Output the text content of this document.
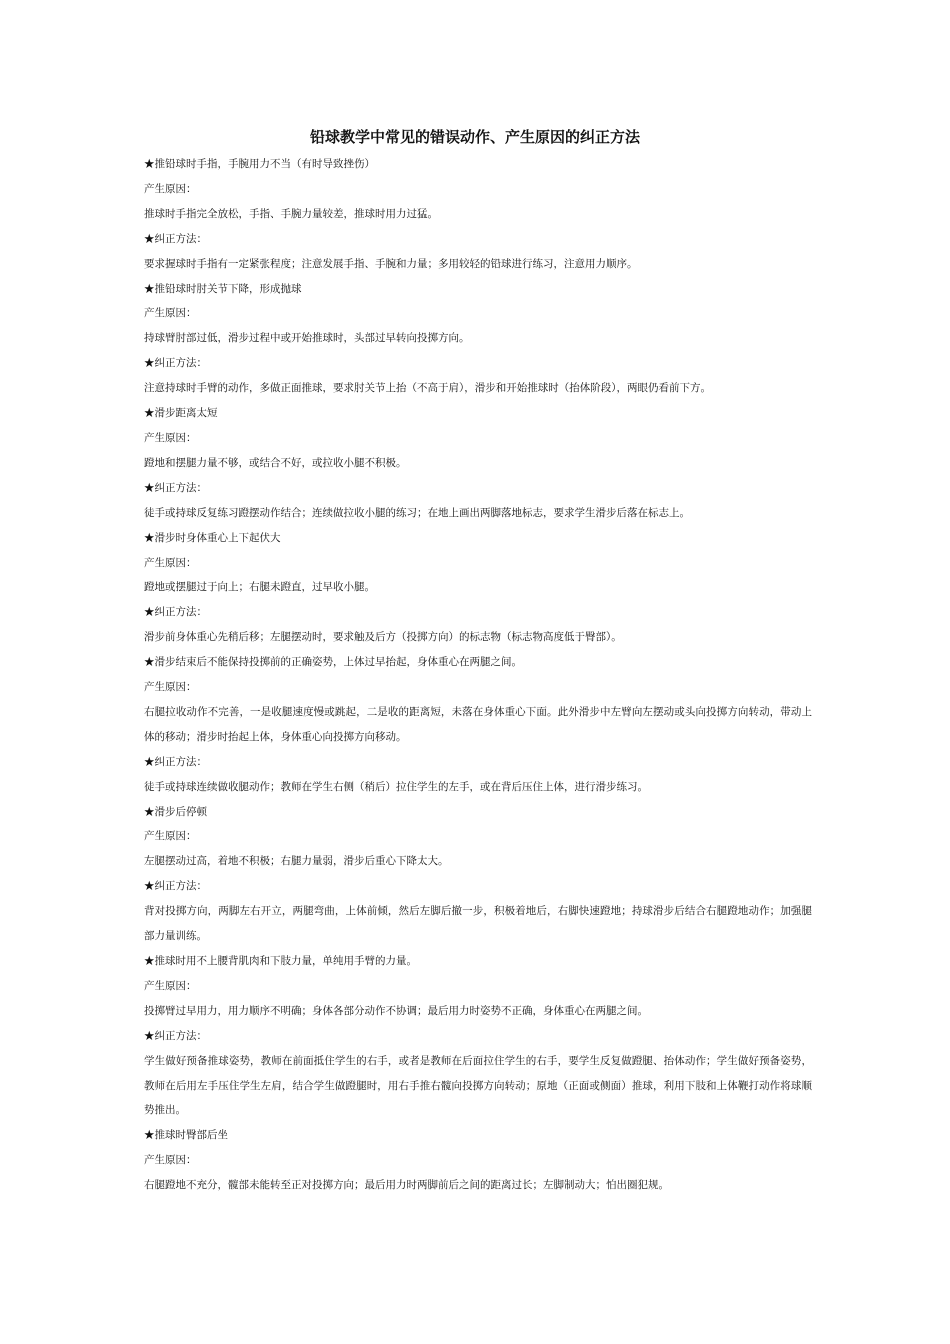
铅球教学中常见的错误动作、产生原因的纠正方法
★推铅球时手指，手腕用力不当（有时导致挫伤）
产生原因：
推球时手指完全放松，手指、手腕力量较差，推球时用力过猛。
★纠正方法：
要求握球时手指有一定紧张程度；注意发展手指、手腕和力量；多用较轻的铅球进行练习，注意用力顺序。
★推铅球时肘关节下降，形成抛球
产生原因：
持球臂肘部过低，滑步过程中或开始推球时，头部过早转向投掷方向。
★纠正方法：
注意持球时手臂的动作，多做正面推球，要求肘关节上抬（不高于肩），滑步和开始推球时（抬体阶段），两眼仍看前下方。
★滑步距离太短
产生原因：
蹬地和摆腿力量不够，或结合不好，或拉收小腿不积极。
★纠正方法：
徒手或持球反复练习蹬摆动作结合；连续做拉收小腿的练习；在地上画出两脚落地标志，要求学生滑步后落在标志上。
★滑步时身体重心上下起伏大
产生原因：
蹬地或摆腿过于向上；右腿未蹬直，过早收小腿。
★纠正方法：
滑步前身体重心先稍后移；左腿摆动时，要求触及后方（投掷方向）的标志物（标志物高度低于臀部）。
★滑步结束后不能保持投掷前的正确姿势，上体过早抬起，身体重心在两腿之间。
产生原因：
右腿拉收动作不完善，一是收腿速度慢或跳起，二是收的距离短，未落在身体重心下面。此外滑步中左臂向左摆动或头向投掷方向转动，带动上体的移动；滑步时抬起上体，身体重心向投掷方向移动。
★纠正方法：
徒手或持球连续做收腿动作；教师在学生右侧（稍后）拉住学生的左手，或在背后压住上体，进行滑步练习。
★滑步后停顿
产生原因：
左腿摆动过高，着地不积极；右腿力量弱，滑步后重心下降太大。
★纠正方法：
背对投掷方向，两脚左右开立，两腿弯曲，上体前倾，然后左脚后撤一步，积极着地后，右脚快速蹬地；持球滑步后结合右腿蹬地动作；加强腿部力量训练。
★推球时用不上腰背肌肉和下肢力量，单纯用手臂的力量。
产生原因：
投掷臂过早用力，用力顺序不明确；身体各部分动作不协调；最后用力时姿势不正确，身体重心在两腿之间。
★纠正方法：
学生做好预备推球姿势，教师在前面抵住学生的右手，或者是教师在后面拉住学生的右手，要学生反复做蹬腿、抬体动作；学生做好预备姿势，教师在后用左手压住学生左肩，结合学生做蹬腿时，用右手推右髋向投掷方向转动；原地（正面或侧面）推球，利用下肢和上体鞭打动作将球顺势推出。
★推球时臀部后坐
产生原因：
右腿蹬地不充分，髋部未能转至正对投掷方向；最后用力时两脚前后之间的距离过长；左脚制动大；怕出圈犯规。
